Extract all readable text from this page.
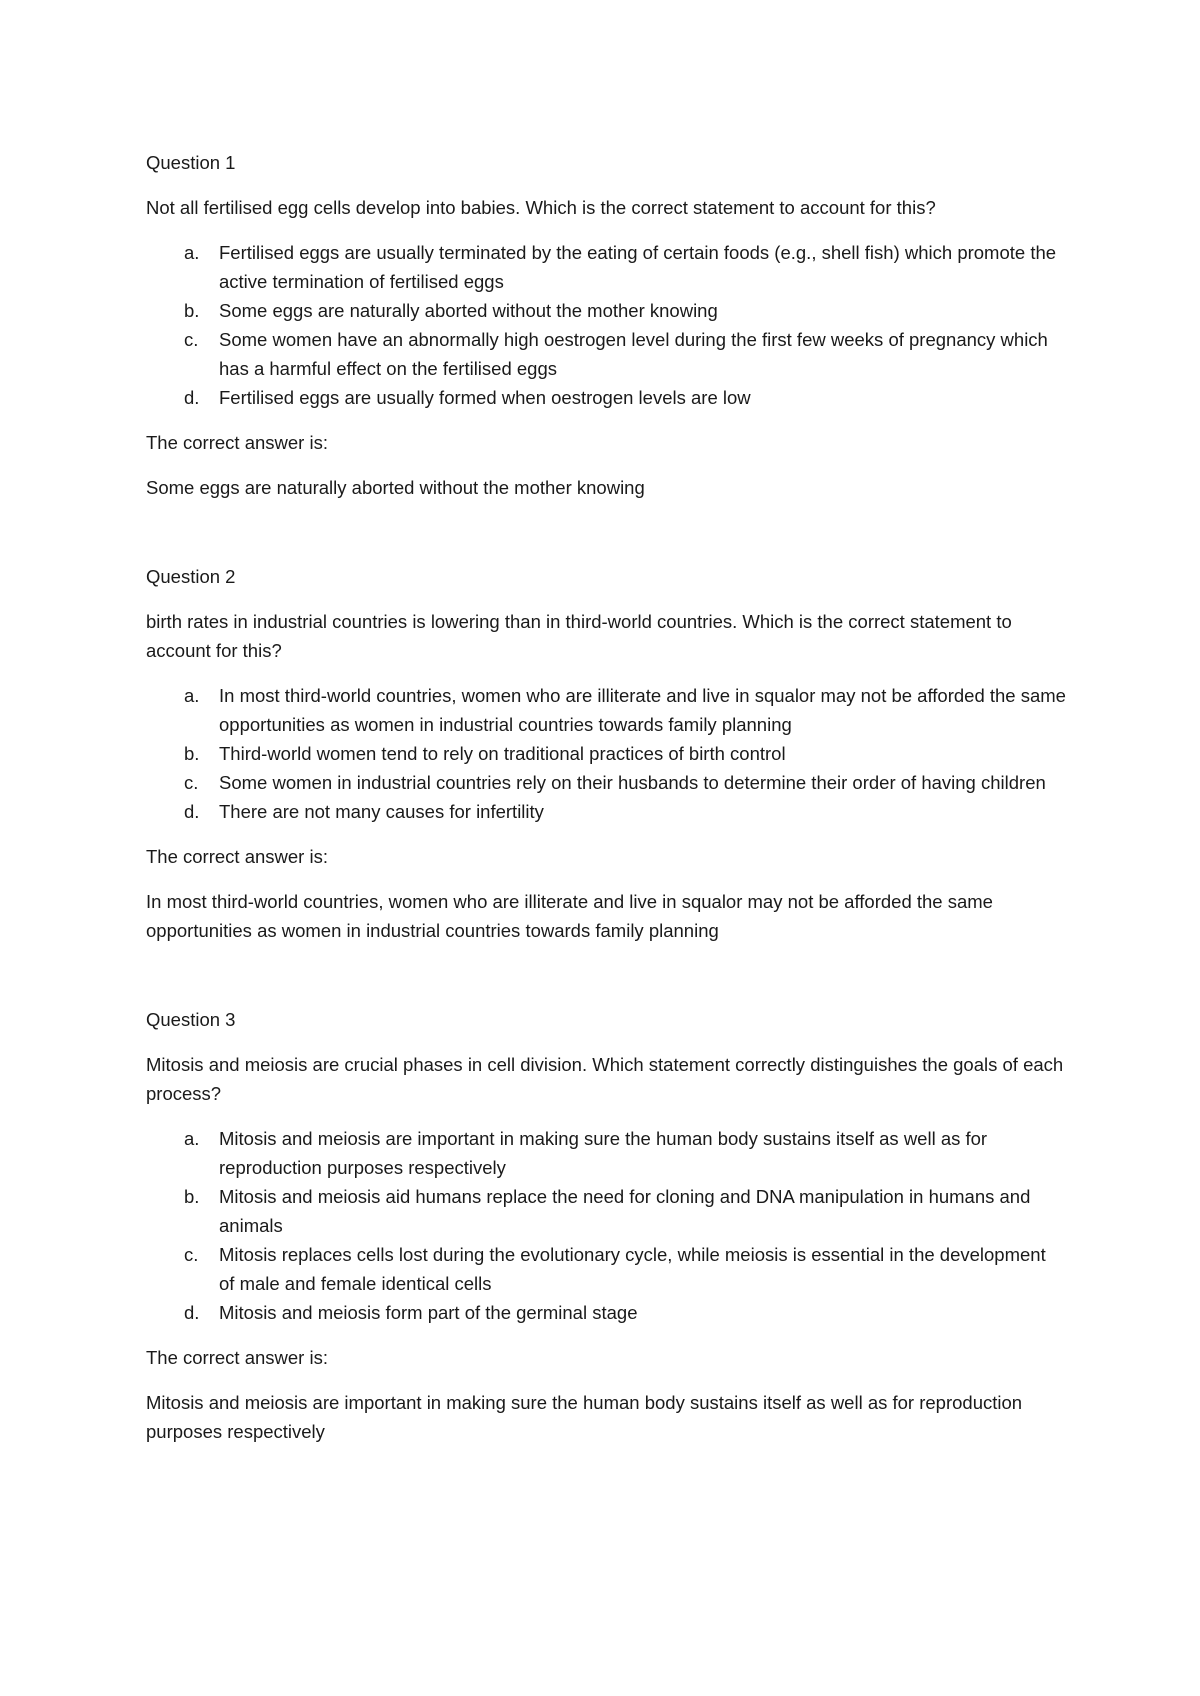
Question 1

Not all fertilised egg cells develop into babies. Which is the correct statement to account for this?

a.	Fertilised eggs are usually terminated by the eating of certain foods (e.g., shell fish) which promote the active termination of fertilised eggs
b.	Some eggs are naturally aborted without the mother knowing
c.	Some women have an abnormally high oestrogen level during the first few weeks of pregnancy which has a harmful effect on the fertilised eggs
d.	Fertilised eggs are usually formed when oestrogen levels are low

The correct answer is:

Some eggs are naturally aborted without the mother knowing

Question 2

birth rates in industrial countries is lowering than in third-world countries. Which is the correct statement to account for this?

a.	In most third-world countries, women who are illiterate and live in squalor may not be afforded the same opportunities as women in industrial countries towards family planning
b.	Third-world women tend to rely on traditional practices of birth control
c.	Some women in industrial countries rely on their husbands to determine their order of having children
d.	There are not many causes for infertility

The correct answer is:

In most third-world countries, women who are illiterate and live in squalor may not be afforded the same opportunities as women in industrial countries towards family planning

Question 3

Mitosis and meiosis are crucial phases in cell division. Which statement correctly distinguishes the goals of each process?

a.	Mitosis and meiosis are important in making sure the human body sustains itself as well as for reproduction purposes respectively
b.	Mitosis and meiosis aid humans replace the need for cloning and DNA manipulation in humans and animals
c.	Mitosis replaces cells lost during the evolutionary cycle, while meiosis is essential in the development of male and female identical cells
d.	Mitosis and meiosis form part of the germinal stage

The correct answer is:

Mitosis and meiosis are important in making sure the human body sustains itself as well as for reproduction purposes respectively
